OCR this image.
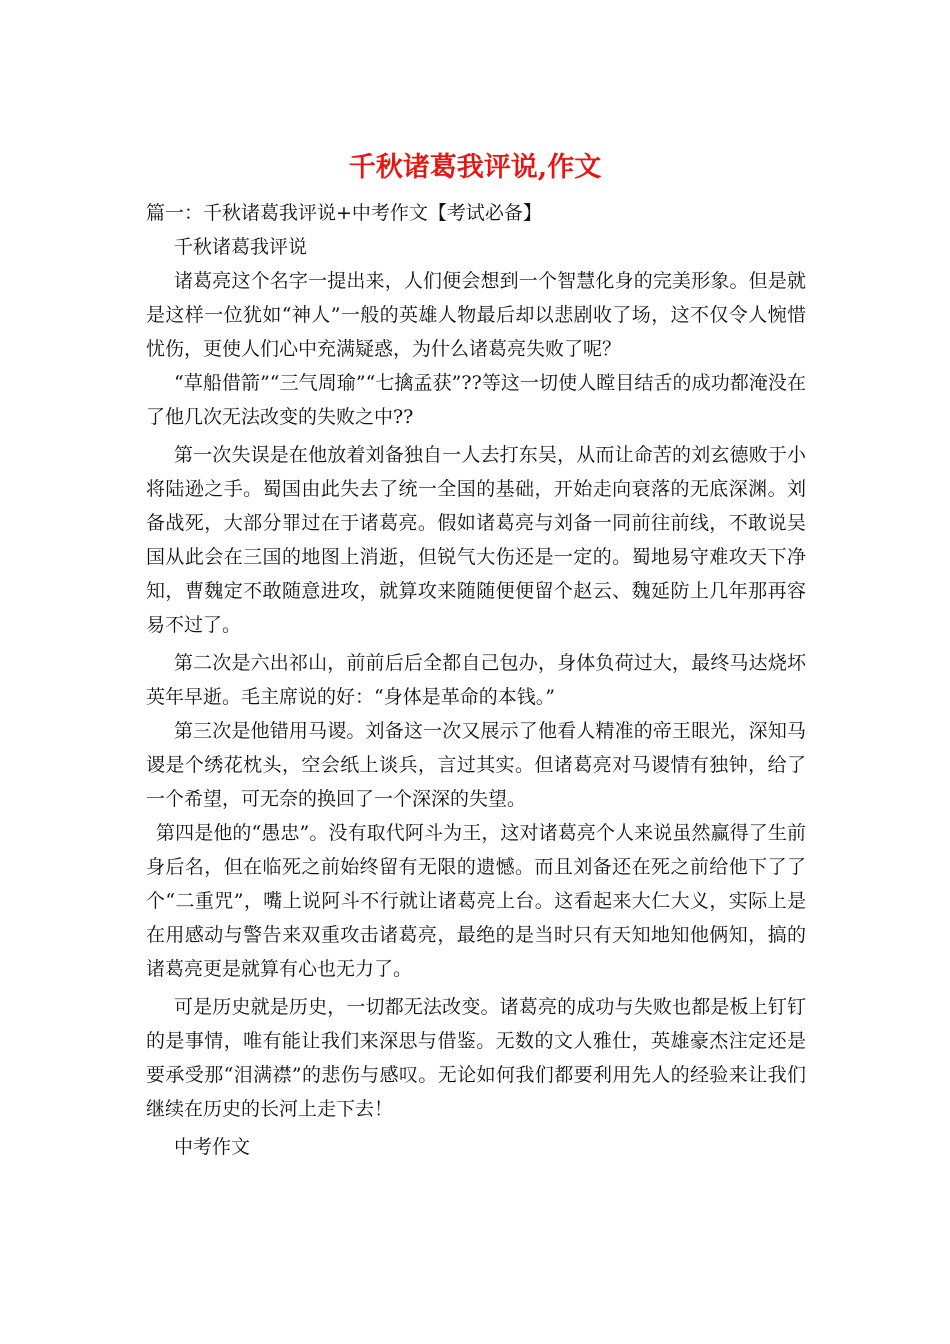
千秋诸葛我评说,作文

篇一：千秋诸葛我评说+中考作文【考试必备】

千秋诸葛我评说

诸葛亮这个名字一提出来，人们便会想到一个智慧化身的完美形象。但是就是这样一位犹如“神人”一般的英雄人物最后却以悲剧收了场，这不仅令人惋惜忧伤，更使人们心中充满疑惑，为什么诸葛亮失败了呢？

“草船借箭”“三气周瑜”“七擒孟获”??等这一切使人瞠目结舌的成功都淹没在了他几次无法改变的失败之中??

第一次失误是在他放着刘备独自一人去打东吴，从而让命苦的刘玄德败于小将陆逊之手。蜀国由此失去了统一全国的基础，开始走向衰落的无底深渊。刘备战死，大部分罪过在于诸葛亮。假如诸葛亮与刘备一同前往前线，不敢说吴国从此会在三国的地图上消逝，但锐气大伤还是一定的。蜀地易守难攻天下净知，曹魏定不敢随意进攻，就算攻来随随便便留个赵云、魏延防上几年那再容易不过了。

第二次是六出祁山，前前后后全都自己包办，身体负荷过大，最终马达烧坏英年早逝。毛主席说的好：“身体是革命的本钱。”

第三次是他错用马谡。刘备这一次又展示了他看人精准的帝王眼光，深知马谡是个绣花枕头，空会纸上谈兵，言过其实。但诸葛亮对马谡情有独钟，给了一个希望，可无奈的换回了一个深深的失望。

第四是他的“愚忠”。没有取代阿斗为王，这对诸葛亮个人来说虽然赢得了生前身后名，但在临死之前始终留有无限的遗憾。而且刘备还在死之前给他下了了个“二重咒”，嘴上说阿斗不行就让诸葛亮上台。这看起来大仁大义，实际上是在用感动与警告来双重攻击诸葛亮，最绝的是当时只有天知地知他俩知，搞的诸葛亮更是就算有心也无力了。

可是历史就是历史，一切都无法改变。诸葛亮的成功与失败也都是板上钉钉的是事情，唯有能让我们来深思与借鉴。无数的文人雅仕，英雄豪杰注定还是要承受那“泪满襟”的悲伤与感叹。无论如何我们都要利用先人的经验来让我们继续在历史的长河上走下去！

中考作文
